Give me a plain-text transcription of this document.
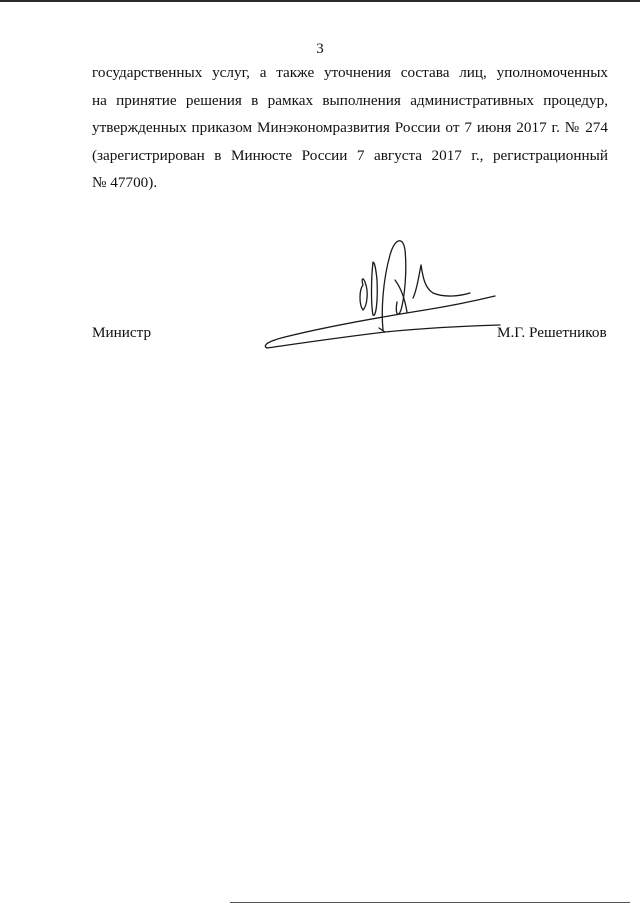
3

государственных услуг, а также уточнения состава лиц, уполномоченных
на принятие решения в рамках выполнения административных процедур,
утвержденных приказом Минэкономразвития России от 7 июня 2017 г. № 274
(зарегистрирован в Минюсте России 7 августа 2017 г., регистрационный
№ 47700).

Министр	М.Г. Решетников
